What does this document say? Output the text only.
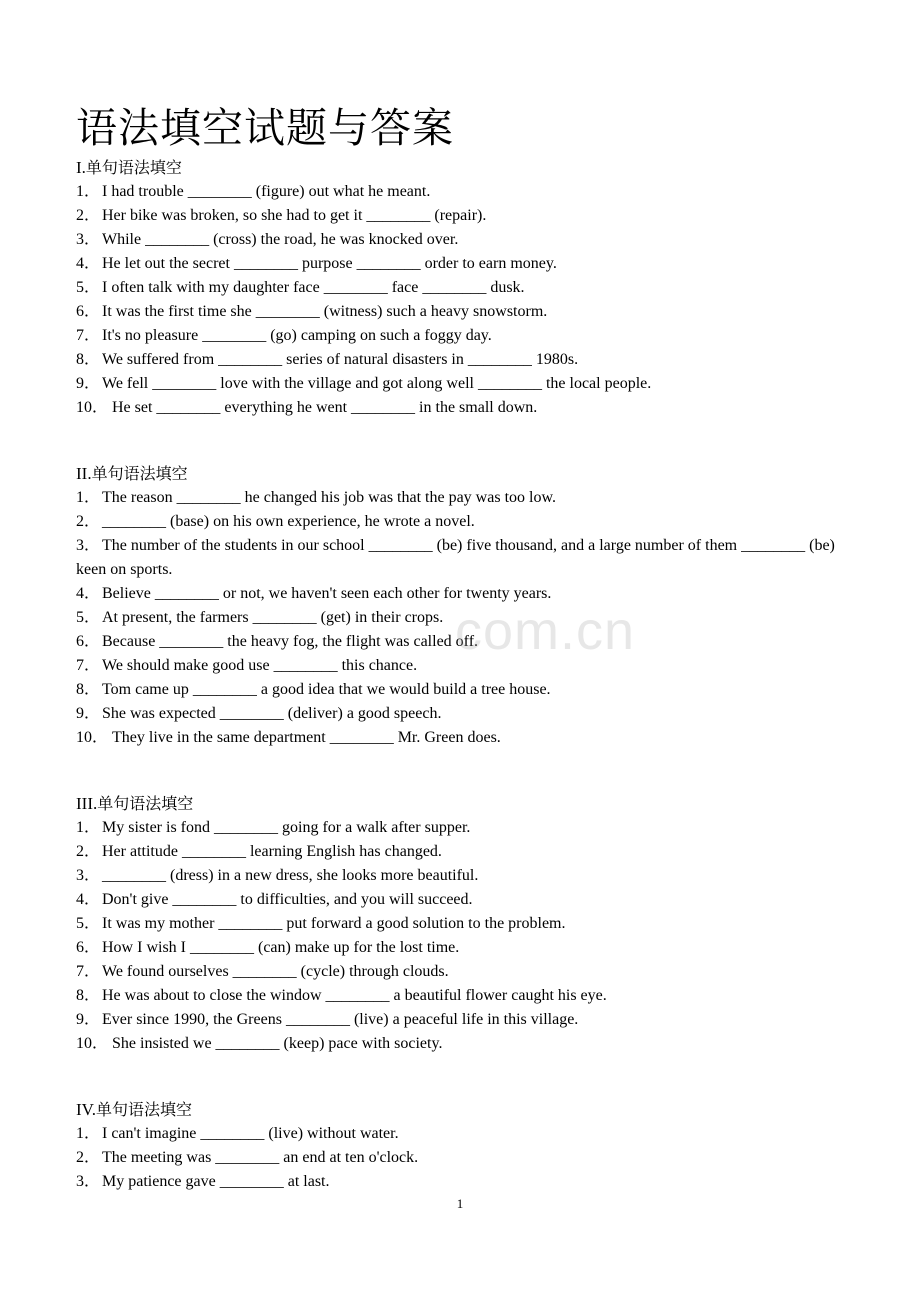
语法填空试题与答案

I.单句语法填空

1． I had trouble ________ (figure) out what he meant.

2． Her bike was broken, so she had to get it ________ (repair).

3． While ________ (cross) the road, he was knocked over.

4． He let out the secret ________ purpose ________ order to earn money.

5． I often talk with my daughter face ________ face ________ dusk.

6． It was the first time she ________ (witness) such a heavy snowstorm.

7． It's no pleasure ________ (go) camping on such a foggy day.

8． We suffered from ________ series of natural disasters in ________ 1980s.

9． We fell ________ love with the village and got along well ________ the local people.

10． He set ________ everything he went ________ in the small down.

II.单句语法填空

1． The reason ________ he changed his job was that the pay was too low.

2． ________ (base) on his own experience, he wrote a novel.

3． The number of the students in our school ________ (be) five thousand, and a large number of them ________ (be) keen on sports.

4． Believe ________ or not, we haven't seen each other for twenty years.

5． At present, the farmers ________ (get) in their crops.

6． Because ________ the heavy fog, the flight was called off.

7． We should make good use ________ this chance.

8． Tom came up ________ a good idea that we would build a tree house.

9． She was expected ________ (deliver) a good speech.

10． They live in the same department ________ Mr. Green does.

III.单句语法填空

1． My sister is fond ________ going for a walk after supper.

2． Her attitude ________ learning English has changed.

3． ________ (dress) in a new dress, she looks more beautiful.

4． Don't give ________ to difficulties, and you will succeed.

5． It was my mother ________ put forward a good solution to the problem.

6． How I wish I ________ (can) make up for the lost time.

7． We found ourselves ________ (cycle) through clouds.

8． He was about to close the window ________ a beautiful flower caught his eye.

9． Ever since 1990, the Greens ________ (live) a peaceful life in this village.

10． She insisted we ________ (keep) pace with society.

IV.单句语法填空

1． I can't imagine ________ (live) without water.

2． The meeting was ________ an end at ten o'clock.

3． My patience gave ________ at last.

com.cn
1
